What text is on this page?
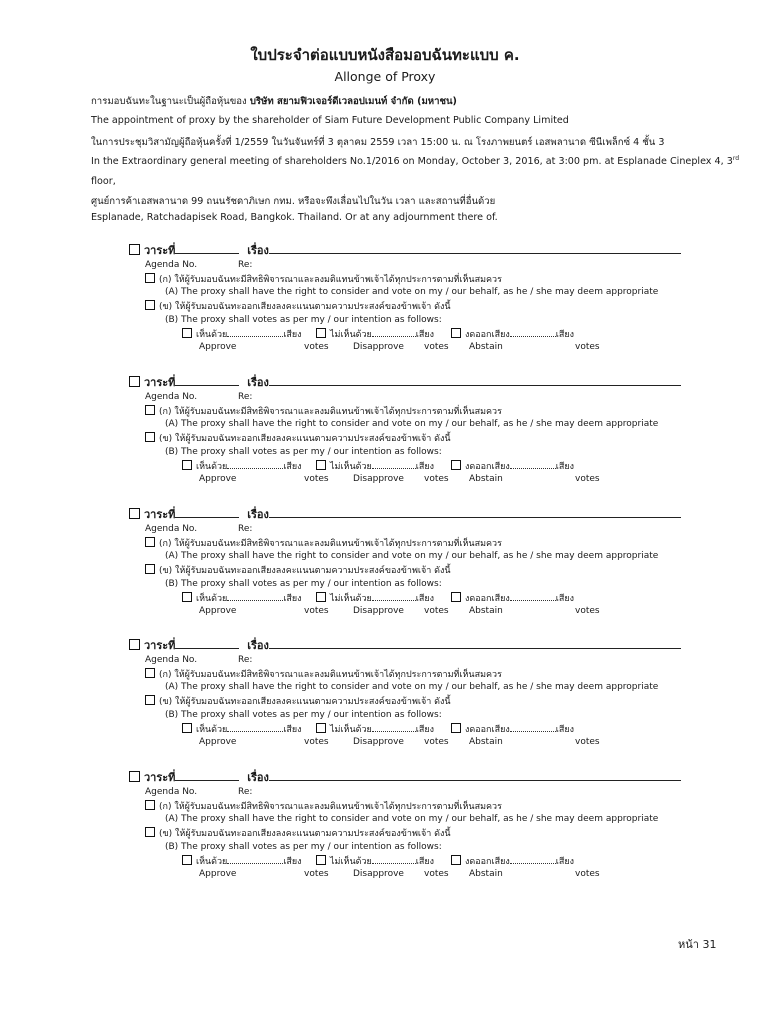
ใบประจำต่อแบบหนังสือมอบฉันทะแบบ ค.
Allonge of Proxy
การมอบฉันทะในฐานะเป็นผู้ถือหุ้นของ บริษัท สยามฟิวเจอร์ดีเวลอปเมนท์ จำกัด (มหาชน)
The appointment of proxy by the shareholder of Siam Future Development Public Company Limited
ในการประชุมวิสามัญผู้ถือหุ้นครั้งที่ 1/2559 ในวันจันทร์ที่ 3 ตุลาคม 2559 เวลา 15:00 น. ณ โรงภาพยนตร์ เอสพลานาด ซีนีเพล็กซ์ 4 ชั้น 3
In the Extraordinary general meeting of shareholders No.1/2016 on Monday, October 3, 2016, at 3:00 pm. at Esplanade Cineplex 4, 3rd
floor,
ศูนย์การค้าเอสพลานาด 99 ถนนรัชดาภิเษก กทม. หรือจะพึงเลื่อนไปในวัน เวลา และสถานที่อื่นด้วย
Esplanade, Ratchadapisek Road, Bangkok. Thailand. Or at any adjournment there of.
วาระที่	เรื่อง
Agenda No.	Re:
(ก) ให้ผู้รับมอบฉันทะมีสิทธิพิจารณาและลงมติแทนข้าพเจ้าได้ทุกประการตามที่เห็นสมควร
(A) The proxy shall have the right to consider and vote on my / our behalf, as he / she may deem appropriate
(ข) ให้ผู้รับมอบฉันทะออกเสียงลงคะแนนตามความประสงค์ของข้าพเจ้า ดังนี้
(B) The proxy shall votes as per my / our intention as follows:
เห็นด้วย	เสียง	ไม่เห็นด้วย	เสียง	งดออกเสียง	เสียง
Approve	votes	Disapprove votes Abstain	votes
วาระที่	เรื่อง
Agenda No.	Re:
(ก) ให้ผู้รับมอบฉันทะมีสิทธิพิจารณาและลงมติแทนข้าพเจ้าได้ทุกประการตามที่เห็นสมควร
(A) The proxy shall have the right to consider and vote on my / our behalf, as he / she may deem appropriate
(ข) ให้ผู้รับมอบฉันทะออกเสียงลงคะแนนตามความประสงค์ของข้าพเจ้า ดังนี้
(B) The proxy shall votes as per my / our intention as follows:
เห็นด้วย	เสียง	ไม่เห็นด้วย	เสียง	งดออกเสียง	เสียง
Approve	votes	Disapprove votes Abstain	votes
วาระที่	เรื่อง
Agenda No.	Re:
(ก) ให้ผู้รับมอบฉันทะมีสิทธิพิจารณาและลงมติแทนข้าพเจ้าได้ทุกประการตามที่เห็นสมควร
(A) The proxy shall have the right to consider and vote on my / our behalf, as he / she may deem appropriate
(ข) ให้ผู้รับมอบฉันทะออกเสียงลงคะแนนตามความประสงค์ของข้าพเจ้า ดังนี้
(B) The proxy shall votes as per my / our intention as follows:
เห็นด้วย	เสียง	ไม่เห็นด้วย	เสียง	งดออกเสียง	เสียง
Approve	votes	Disapprove votes Abstain	votes
วาระที่	เรื่อง
Agenda No.	Re:
(ก) ให้ผู้รับมอบฉันทะมีสิทธิพิจารณาและลงมติแทนข้าพเจ้าได้ทุกประการตามที่เห็นสมควร
(A) The proxy shall have the right to consider and vote on my / our behalf, as he / she may deem appropriate
(ข) ให้ผู้รับมอบฉันทะออกเสียงลงคะแนนตามความประสงค์ของข้าพเจ้า ดังนี้
(B) The proxy shall votes as per my / our intention as follows:
เห็นด้วย	เสียง	ไม่เห็นด้วย	เสียง	งดออกเสียง	เสียง
Approve	votes	Disapprove votes Abstain	votes
วาระที่	เรื่อง
Agenda No.	Re:
(ก) ให้ผู้รับมอบฉันทะมีสิทธิพิจารณาและลงมติแทนข้าพเจ้าได้ทุกประการตามที่เห็นสมควร
(A) The proxy shall have the right to consider and vote on my / our behalf, as he / she may deem appropriate
(ข) ให้ผู้รับมอบฉันทะออกเสียงลงคะแนนตามความประสงค์ของข้าพเจ้า ดังนี้
(B) The proxy shall votes as per my / our intention as follows:
เห็นด้วย	เสียง	ไม่เห็นด้วย	เสียง	งดออกเสียง	เสียง
Approve	votes	Disapprove votes Abstain	votes
หน้า 31
